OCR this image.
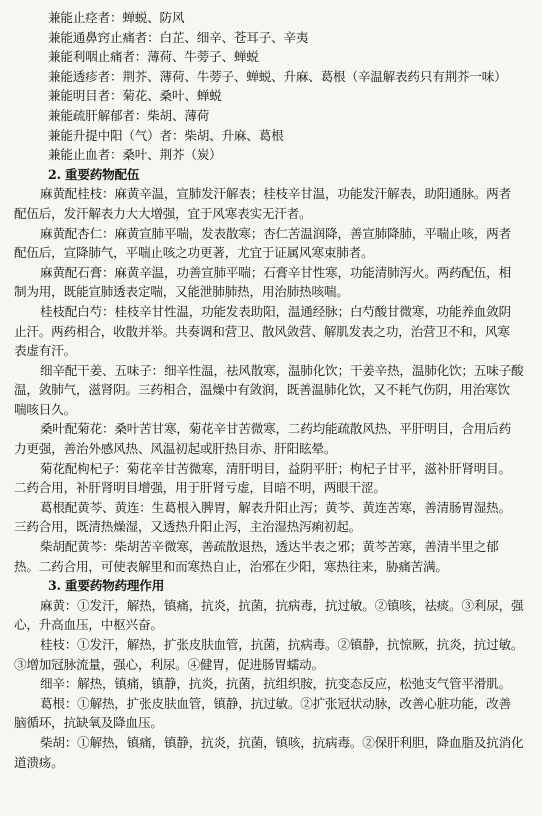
兼能止痉者：蝉蜕、防风
兼能通鼻窍止痛者：白芷、细辛、苍耳子、辛夷
兼能利咽止痛者：薄荷、牛蒡子、蝉蜕
兼能透疹者：荆芥、薄荷、牛蒡子、蝉蜕、升麻、葛根（辛温解表药只有荆芥一味）
兼能明目者：菊花、桑叶、蝉蜕
兼能疏肝解郁者：柴胡、薄荷
兼能升提中阳（气）者：柴胡、升麻、葛根
兼能止血者：桑叶、荆芥（炭）
2. 重要药物配伍
麻黄配桂枝：麻黄辛温，宣肺发汗解表；桂枝辛甘温，功能发汗解表，助阳通脉。两者
配伍后，发汗解表力大大增强，宜于风寒表实无汗者。
麻黄配杏仁：麻黄宣肺平喘，发表散寒；杏仁苦温润降，善宣肺降肺，平喘止咳，两者
配伍后，宣降肺气，平喘止咳之功更著，尤宜于证属风寒束肺者。
麻黄配石膏：麻黄辛温，功善宣肺平喘；石膏辛甘性寒，功能清肺泻火。两药配伍，相
制为用，既能宣肺透表定喘，又能泄肺肺热，用治肺热咳喘。
桂枝配白芍：桂枝辛甘性温，功能发表助阳，温通经脉；白芍酸甘微寒，功能养血敛阴
止汗。两药相合，收散并举。共奏调和营卫、散风敛营、解肌发表之功，治营卫不和，风寒
表虚有汗。
细辛配干姜、五味子：细辛性温，祛风散寒，温肺化饮；干姜辛热，温肺化饮；五味子酸
温，敛肺气，滋肾阴。三药相合，温燥中有敛润，既善温肺化饮，又不耗气伤阴，用治寒饮
喘咳日久。
桑叶配菊花：桑叶苦甘寒，菊花辛甘苦微寒，二药均能疏散风热、平肝明目，合用后药
力更强，善治外感风热、风温初起或肝热目赤、肝阳眩晕。
菊花配枸杞子：菊花辛甘苦微寒，清肝明目，益阴平肝；枸杞子甘平，滋补肝肾明目。
二药合用，补肝肾明目增强，用于肝肾亏虚，目暗不明，两眼干涩。
葛根配黄芩、黄连：生葛根入脾胃，解表升阳止泻；黄芩、黄连苦寒，善清肠胃湿热。
三药合用，既清热燥湿，又透热升阳止泻，主治湿热泻痢初起。
柴胡配黄芩：柴胡苦辛微寒，善疏散退热，透达半表之邪；黄芩苦寒，善清半里之郁
热。二药合用，可使表解里和而寒热自止，治邪在少阳，寒热往来，胁痛苦满。
3. 重要药物药理作用
麻黄：①发汗，解热，镇痛，抗炎，抗菌，抗病毒，抗过敏。②镇咳，祛痰。③利尿，强
心，升高血压，中枢兴奋。
桂枝：①发汗，解热，扩张皮肤血管，抗菌，抗病毒。②镇静，抗惊厥，抗炎，抗过敏。
③增加冠脉流量，强心，利尿。④健胃，促进肠胃蠕动。
细辛：解热，镇痛，镇静，抗炎，抗菌，抗组织胺，抗变态反应，松弛支气管平滑肌。
葛根：①解热，扩张皮肤血管，镇静，抗过敏。②扩张冠状动脉，改善心脏功能，改善
脑循环，抗缺氧及降血压。
柴胡：①解热，镇痛，镇静，抗炎，抗菌，镇咳，抗病毒。②保肝利胆，降血脂及抗消化
道溃疡。
